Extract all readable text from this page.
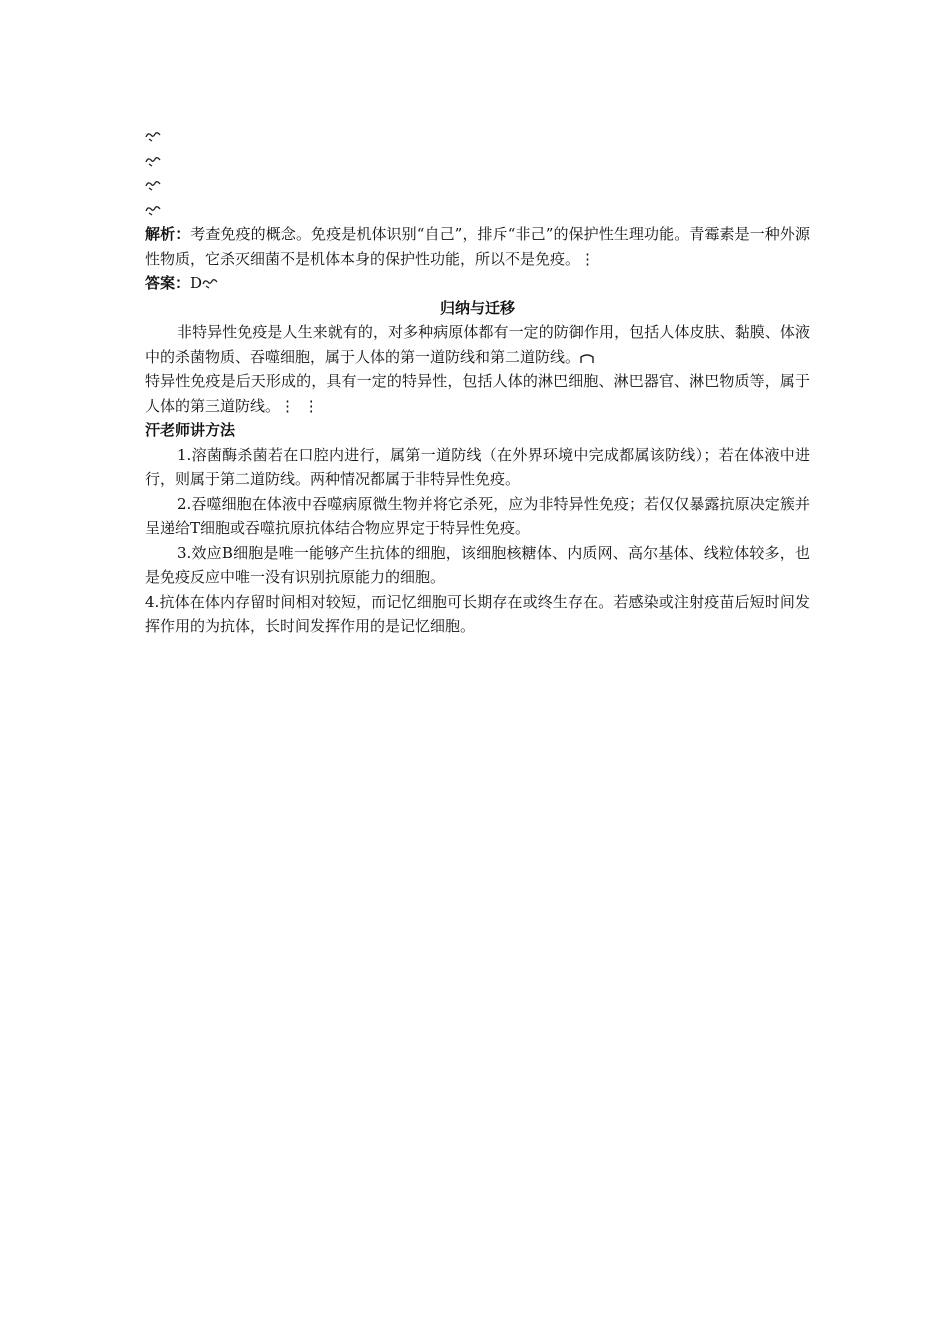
解析：考查免疫的概念。免疫是机体识别“自己”，排斥“非己”的保护性生理功能。青霉素是一种外源性物质，它杀灭细菌不是机体本身的保护性功能，所以不是免疫。⋮

答案：D

归纳与迁移

非特异性免疫是人生来就有的，对多种病原体都有一定的防御作用，包括人体皮肤、黏膜、体液中的杀菌物质、吞噬细胞，属于人体的第一道防线和第二道防线。

特异性免疫是后天形成的，具有一定的特异性，包括人体的淋巴细胞、淋巴器官、淋巴物质等，属于人体的第三道防线。⋮ ⋮

汗老师讲方法

1.溶菌酶杀菌若在口腔内进行，属第一道防线（在外界环境中完成都属该防线）；若在体液中进行，则属于第二道防线。两种情况都属于非特异性免疫。

2.吞噬细胞在体液中吞噬病原微生物并将它杀死，应为非特异性免疫；若仅仅暴露抗原决定簇并呈递给T细胞或吞噬抗原抗体结合物应界定于特异性免疫。

3.效应B细胞是唯一能够产生抗体的细胞，该细胞核糖体、内质网、高尔基体、线粒体较多，也是免疫反应中唯一没有识别抗原能力的细胞。

4.抗体在体内存留时间相对较短，而记忆细胞可长期存在或终生存在。若感染或注射疫苗后短时间发挥作用的为抗体，长时间发挥作用的是记忆细胞。
